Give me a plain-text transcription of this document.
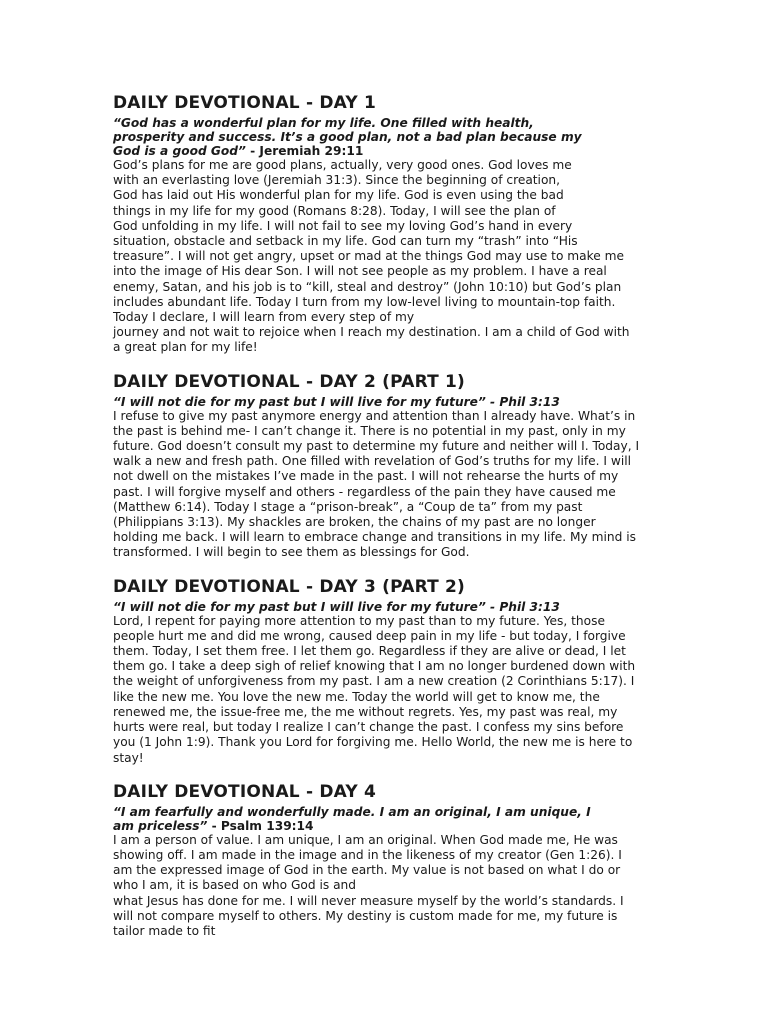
DAILY DEVOTIONAL - DAY 1

“God has a wonderful plan for my life. One filled with health,

prosperity and success. It’s a good plan, not a bad plan because my

God is a good God” - Jeremiah 29:11

God’s plans for me are good plans, actually, very good ones. God loves me
with an everlasting love (Jeremiah 31:3). Since the beginning of creation,
God has laid out His wonderful plan for my life. God is even using the bad
things in my life for my good (Romans 8:28). Today, I will see the plan of
God unfolding in my life. I will not fail to see my loving God’s hand in every
situation, obstacle and setback in my life. God can turn my “trash” into “His
treasure”. I will not get angry, upset or mad at the things God may use to make me
into the image of His dear Son. I will not see people as my problem. I have a real
enemy, Satan, and his job is to “kill, steal and destroy” (John 10:10) but God’s plan
includes abundant life. Today I turn from my low-level living to mountain-top faith.
Today I declare, I will learn from every step of my
journey and not wait to rejoice when I reach my destination. I am a child of God with
a great plan for my life!
DAILY DEVOTIONAL - DAY 2 (PART 1)

“I will not die for my past but I will live for my future” - Phil 3:13

I refuse to give my past anymore energy and attention than I already have. What’s in
the past is behind me- I can’t change it. There is no potential in my past, only in my
future. God doesn’t consult my past to determine my future and neither will I. Today, I
walk a new and fresh path. One filled with revelation of God’s truths for my life. I will
not dwell on the mistakes I’ve made in the past. I will not rehearse the hurts of my
past. I will forgive myself and others - regardless of the pain they have caused me
(Matthew 6:14). Today I stage a “prison-break”, a “Coup de ta” from my past
(Philippians 3:13). My shackles are broken, the chains of my past are no longer
holding me back. I will learn to embrace change and transitions in my life. My mind is
transformed. I will begin to see them as blessings for God.
DAILY DEVOTIONAL - DAY 3 (PART 2)

“I will not die for my past but I will live for my future” - Phil 3:13

Lord, I repent for paying more attention to my past than to my future. Yes, those
people hurt me and did me wrong, caused deep pain in my life - but today, I forgive
them. Today, I set them free. I let them go. Regardless if they are alive or dead, I let
them go. I take a deep sigh of relief knowing that I am no longer burdened down with
the weight of unforgiveness from my past. I am a new creation (2 Corinthians 5:17). I
like the new me. You love the new me. Today the world will get to know me, the
renewed me, the issue-free me, the me without regrets. Yes, my past was real, my
hurts were real, but today I realize I can’t change the past. I confess my sins before
you (1 John 1:9). Thank you Lord for forgiving me. Hello World, the new me is here to
stay!
DAILY DEVOTIONAL - DAY 4

“I am fearfully and wonderfully made. I am an original, I am unique, I

am priceless” - Psalm 139:14

I am a person of value. I am unique, I am an original. When God made me, He was
showing off. I am made in the image and in the likeness of my creator (Gen 1:26). I
am the expressed image of God in the earth. My value is not based on what I do or
who I am, it is based on who God is and
what Jesus has done for me. I will never measure myself by the world’s standards. I
will not compare myself to others. My destiny is custom made for me, my future is
tailor made to fit
